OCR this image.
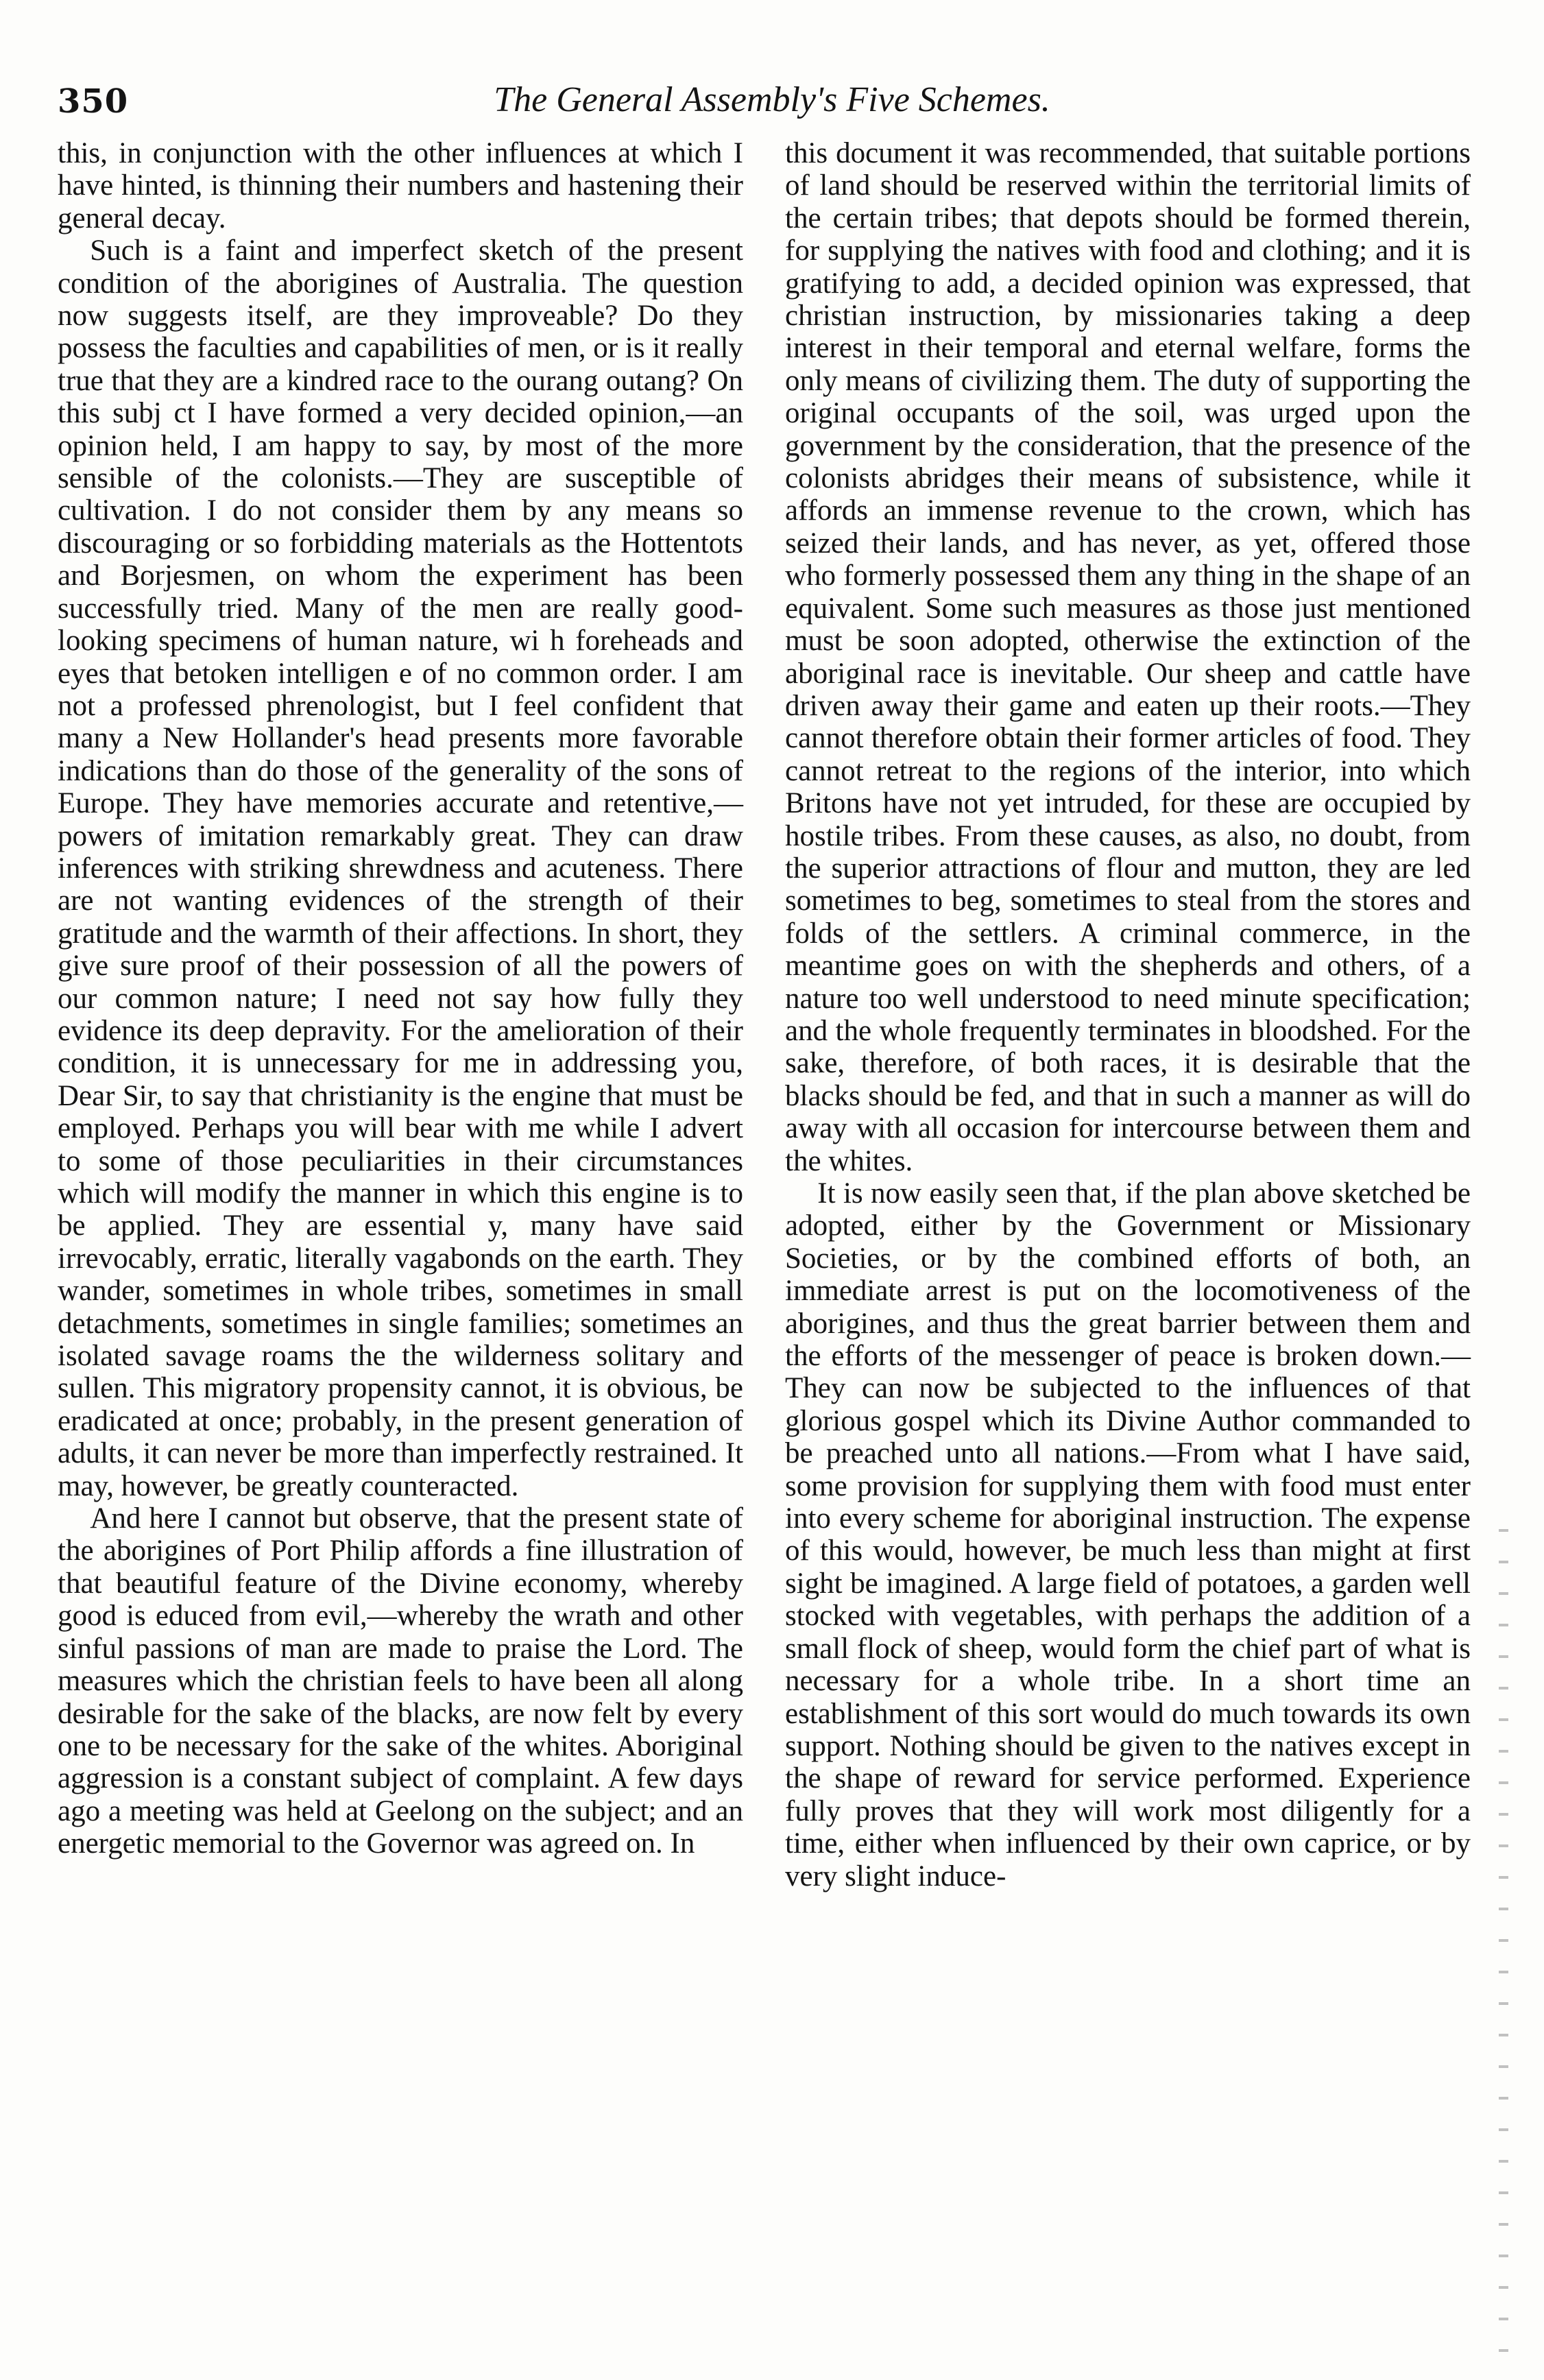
350	The General Assembly's Five Schemes.

this, in conjunction with the other influences at which I have hinted, is thinning their numbers and hastening their general decay.

Such is a faint and imperfect sketch of the present condition of the aborigines of Australia. The question now suggests itself, are they improveable? Do they possess the faculties and capabilities of men, or is it really true that they are a kindred race to the ourang outang? On this subj ct I have formed a very decided opinion,—an opinion held, I am happy to say, by most of the more sensible of the colonists.—They are susceptible of cultivation. I do not consider them by any means so discouraging or so forbidding materials as the Hottentots and Borjesmen, on whom the experiment has been successfully tried. Many of the men are really good-looking specimens of human nature, wi h foreheads and eyes that betoken intelligen e of no common order. I am not a professed phrenologist, but I feel confident that many a New Hollander's head presents more favorable indications than do those of the generality of the sons of Europe. They have memories accurate and retentive,—powers of imitation remarkably great. They can draw inferences with striking shrewdness and acuteness. There are not wanting evidences of the strength of their gratitude and the warmth of their affections. In short, they give sure proof of their possession of all the powers of our common nature; I need not say how fully they evidence its deep depravity. For the amelioration of their condition, it is unnecessary for me in addressing you, Dear Sir, to say that christianity is the engine that must be employed. Perhaps you will bear with me while I advert to some of those peculiarities in their circumstances which will modify the manner in which this engine is to be applied. They are essential y, many have said irrevocably, erratic, literally vagabonds on the earth. They wander, sometimes in whole tribes, sometimes in small detachments, sometimes in single families; sometimes an isolated savage roams the the wilderness solitary and sullen. This migratory propensity cannot, it is obvious, be eradicated at once; probably, in the present generation of adults, it can never be more than imperfectly restrained. It may, however, be greatly counteracted.

And here I cannot but observe, that the present state of the aborigines of Port Philip affords a fine illustration of that beautiful feature of the Divine economy, whereby good is educed from evil,—whereby the wrath and other sinful passions of man are made to praise the Lord. The measures which the christian feels to have been all along desirable for the sake of the blacks, are now felt by every one to be necessary for the sake of the whites. Aboriginal aggression is a constant subject of complaint. A few days ago a meeting was held at Geelong on the subject; and an energetic memorial to the Governor was agreed on. In

this document it was recommended, that suitable portions of land should be reserved within the territorial limits of the certain tribes; that depots should be formed therein, for supplying the natives with food and clothing; and it is gratifying to add, a decided opinion was expressed, that christian instruction, by missionaries taking a deep interest in their temporal and eternal welfare, forms the only means of civilizing them. The duty of supporting the original occupants of the soil, was urged upon the government by the consideration, that the presence of the colonists abridges their means of subsistence, while it affords an immense revenue to the crown, which has seized their lands, and has never, as yet, offered those who formerly possessed them any thing in the shape of an equivalent. Some such measures as those just mentioned must be soon adopted, otherwise the extinction of the aboriginal race is inevitable. Our sheep and cattle have driven away their game and eaten up their roots.—They cannot therefore obtain their former articles of food. They cannot retreat to the regions of the interior, into which Britons have not yet intruded, for these are occupied by hostile tribes. From these causes, as also, no doubt, from the superior attractions of flour and mutton, they are led sometimes to beg, sometimes to steal from the stores and folds of the settlers. A criminal commerce, in the meantime goes on with the shepherds and others, of a nature too well understood to need minute specification; and the whole frequently terminates in bloodshed. For the sake, therefore, of both races, it is desirable that the blacks should be fed, and that in such a manner as will do away with all occasion for intercourse between them and the whites.

It is now easily seen that, if the plan above sketched be adopted, either by the Government or Missionary Societies, or by the combined efforts of both, an immediate arrest is put on the locomotiveness of the aborigines, and thus the great barrier between them and the efforts of the messenger of peace is broken down.—They can now be subjected to the influences of that glorious gospel which its Divine Author commanded to be preached unto all nations.—From what I have said, some provision for supplying them with food must enter into every scheme for aboriginal instruction. The expense of this would, however, be much less than might at first sight be imagined. A large field of potatoes, a garden well stocked with vegetables, with perhaps the addition of a small flock of sheep, would form the chief part of what is necessary for a whole tribe. In a short time an establishment of this sort would do much towards its own support. Nothing should be given to the natives except in the shape of reward for service performed. Experience fully proves that they will work most diligently for a time, either when influenced by their own caprice, or by very slight induce-
